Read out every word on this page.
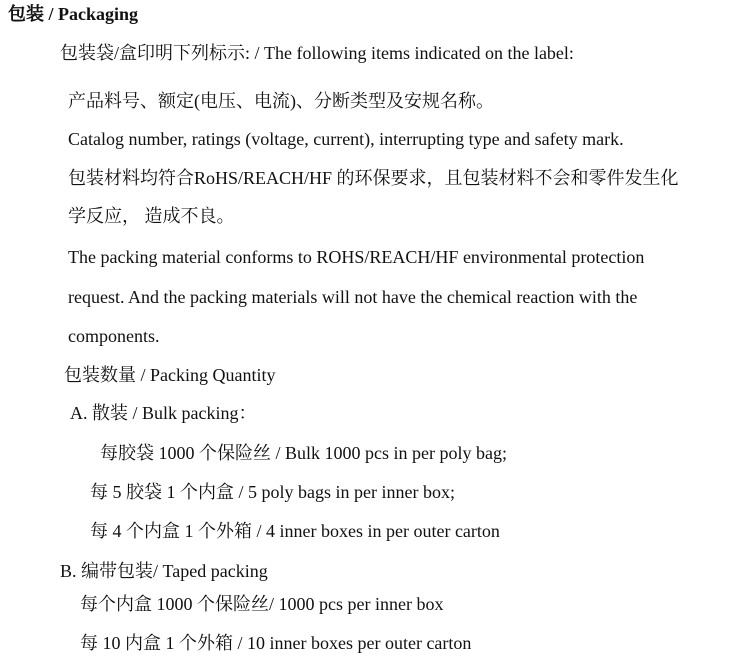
包装 / Packaging
包装袋/盒印明下列标示: / The following items indicated on the label:
产品料号、额定(电压、电流)、分断类型及安规名称。
Catalog number, ratings (voltage, current), interrupting type and safety mark.
包装材料均符合RoHS/REACH/HF 的环保要求，且包装材料不会和零件发生化
学反应， 造成不良。
The packing material conforms to ROHS/REACH/HF environmental protection
request. And the packing materials will not have the chemical reaction with the
components.
包装数量 / Packing Quantity
A. 散装 / Bulk packing：
每胶袋 1000 个保险丝 / Bulk 1000 pcs in per poly bag;
每 5 胶袋 1 个内盒 / 5 poly bags in per inner box;
每 4 个内盒 1 个外箱 / 4 inner boxes in per outer carton
B. 编带包装/ Taped packing
每个内盒 1000 个保险丝/ 1000 pcs per inner box
每 10 内盒 1 个外箱 / 10 inner boxes per outer carton
